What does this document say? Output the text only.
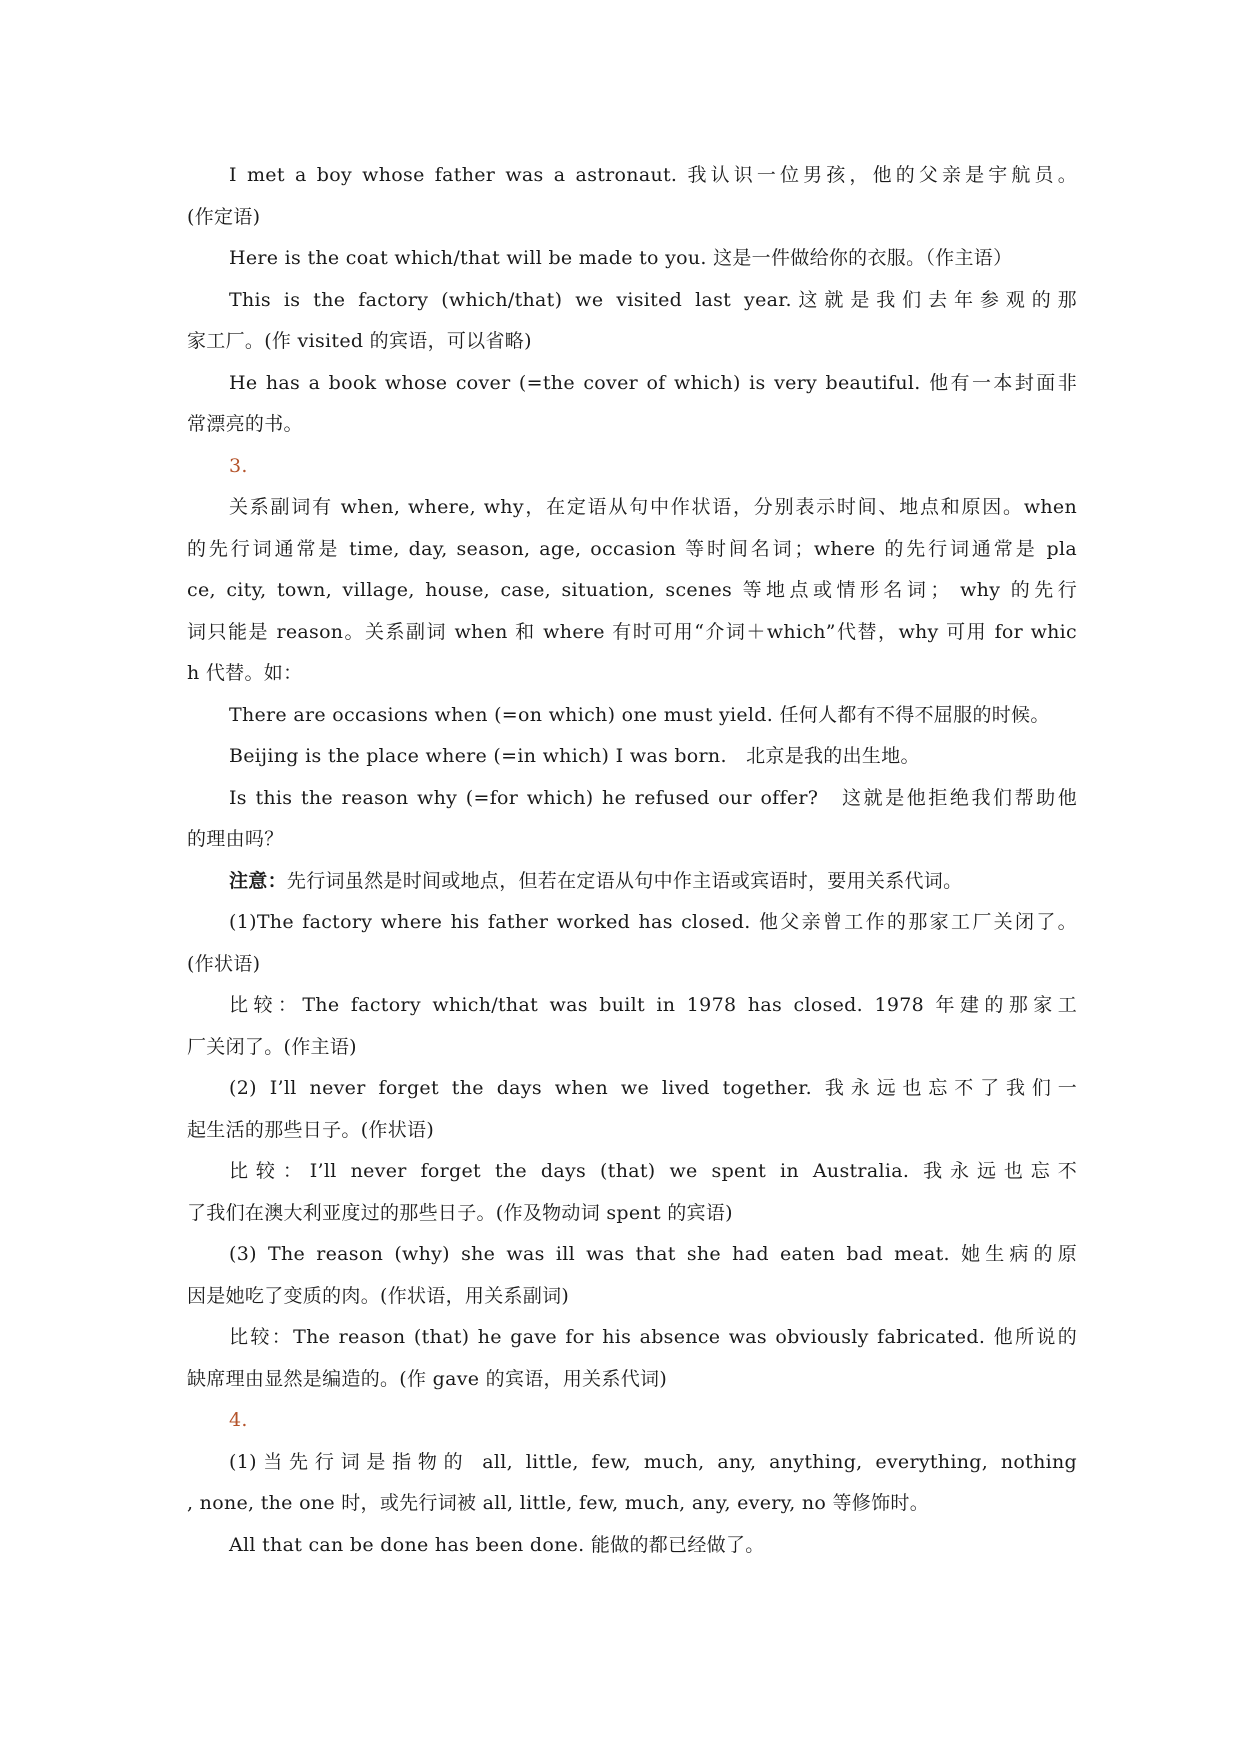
I met a boy whose father was a astronaut. 我认识一位男孩，他的父亲是宇航员。
(作定语)
Here is the coat which/that will be made to you. 这是一件做给你的衣服。（作主语）
This is the factory (which/that) we visited last year.这就是我们去年参观的那
家工厂。(作 visited 的宾语，可以省略)
He has a book whose cover (=the cover of which) is very beautiful. 他有一本封面非
常漂亮的书。
3.
关系副词有 when, where, why，在定语从句中作状语，分别表示时间、地点和原因。when
的先行词通常是 time, day, season, age, occasion 等时间名词；where 的先行词通常是 pla
ce, city, town, village, house, case, situation, scenes 等地点或情形名词； why 的先行
词只能是 reason。关系副词 when 和 where 有时可用“介词＋which”代替，why 可用 for whic
h 代替。如：
There are occasions when (=on which) one must yield. 任何人都有不得不屈服的时候。
Beijing is the place where (=in which) I was born.　北京是我的出生地。
Is this the reason why (=for which) he refused our offer?　这就是他拒绝我们帮助他
的理由吗？
注意：先行词虽然是时间或地点，但若在定语从句中作主语或宾语时，要用关系代词。
(1)The factory where his father worked has closed. 他父亲曾工作的那家工厂关闭了。
(作状语)
比较：The factory which/that was built in 1978 has closed. 1978 年建的那家工
厂关闭了。(作主语)
(2) I’ll never forget the days when we lived together. 我永远也忘不了我们一
起生活的那些日子。(作状语)
比较：I’ll never forget the days (that) we spent in Australia. 我永远也忘不
了我们在澳大利亚度过的那些日子。(作及物动词 spent 的宾语)
(3) The reason (why) she was ill was that she had eaten bad meat. 她生病的原
因是她吃了变质的肉。(作状语，用关系副词)
比较：The reason (that) he gave for his absence was obviously fabricated. 他所说的
缺席理由显然是编造的。(作 gave 的宾语，用关系代词)
4.
(1)当先行词是指物的 all, little, few, much, any, anything, everything, nothing
, none, the one 时，或先行词被 all, little, few, much, any, every, no 等修饰时。
All that can be done has been done. 能做的都已经做了。
